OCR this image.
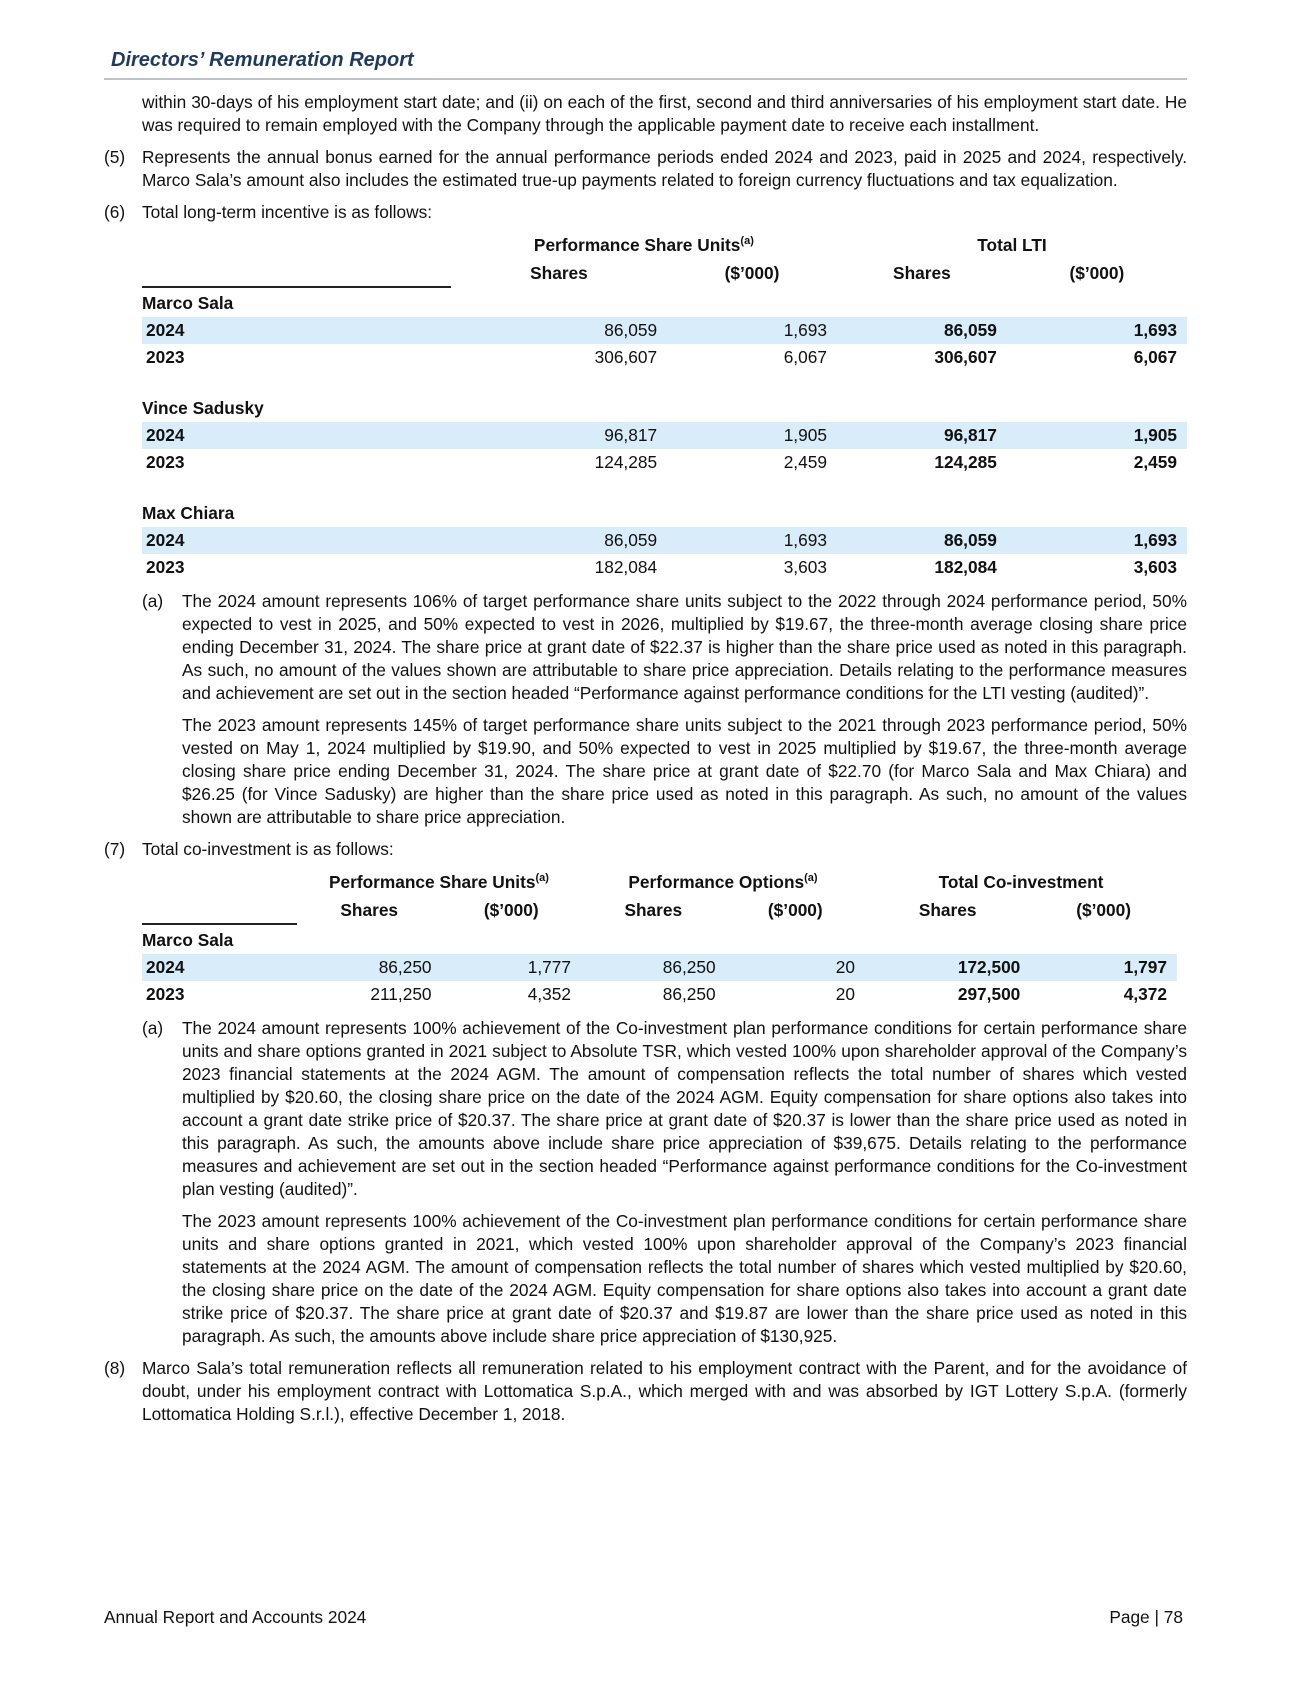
Directors’ Remuneration Report

within 30-days of his employment start date; and (ii) on each of the first, second and third anniversaries of his employment start date. He was required to remain employed with the Company through the applicable payment date to receive each installment.

(5) Represents the annual bonus earned for the annual performance periods ended 2024 and 2023, paid in 2025 and 2024, respectively. Marco Sala’s amount also includes the estimated true-up payments related to foreign currency fluctuations and tax equalization.

(6) Total long-term incentive is as follows:

	Performance Share Units$^{(a)}$		Total LTI	
	Shares	($’000)	Shares	($’000)
Marco Sala				
2024	86,059	1,693	86,059	1,693
2023	306,607	6,067	306,607	6,067

Vince Sadusky				
2024	96,817	1,905	96,817	1,905
2023	124,285	2,459	124,285	2,459

Max Chiara				
2024	86,059	1,693	86,059	1,693
2023	182,084	3,603	182,084	3,603

(a) The 2024 amount represents 106% of target performance share units subject to the 2022 through 2024 performance period, 50% expected to vest in 2025, and 50% expected to vest in 2026, multiplied by $19.67, the three-month average closing share price ending December 31, 2024. The share price at grant date of $22.37 is higher than the share price used as noted in this paragraph. As such, no amount of the values shown are attributable to share price appreciation. Details relating to the performance measures and achievement are set out in the section headed “Performance against performance conditions for the LTI vesting (audited)”.

The 2023 amount represents 145% of target performance share units subject to the 2021 through 2023 performance period, 50% vested on May 1, 2024 multiplied by $19.90, and 50% expected to vest in 2025 multiplied by $19.67, the three-month average closing share price ending December 31, 2024. The share price at grant date of $22.70 (for Marco Sala and Max Chiara) and $26.25 (for Vince Sadusky) are higher than the share price used as noted in this paragraph. As such, no amount of the values shown are attributable to share price appreciation.

(7) Total co-investment is as follows:

	Performance Share Units$^{(a)}$		Performance Options$^{(a)}$		Total Co-investment	
	Shares	($’000)	Shares	($’000)	Shares	($’000)
Marco Sala						
2024	86,250	1,777	86,250	20	172,500	1,797
2023	211,250	4,352	86,250	20	297,500	4,372

(a) The 2024 amount represents 100% achievement of the Co-investment plan performance conditions for certain performance share units and share options granted in 2021 subject to Absolute TSR, which vested 100% upon shareholder approval of the Company’s 2023 financial statements at the 2024 AGM. The amount of compensation reflects the total number of shares which vested multiplied by $20.60, the closing share price on the date of the 2024 AGM. Equity compensation for share options also takes into account a grant date strike price of $20.37. The share price at grant date of $20.37 is lower than the share price used as noted in this paragraph. As such, the amounts above include share price appreciation of $39,675. Details relating to the performance measures and achievement are set out in the section headed “Performance against performance conditions for the Co-investment plan vesting (audited)”.

The 2023 amount represents 100% achievement of the Co-investment plan performance conditions for certain performance share units and share options granted in 2021, which vested 100% upon shareholder approval of the Company’s 2023 financial statements at the 2024 AGM. The amount of compensation reflects the total number of shares which vested multiplied by $20.60, the closing share price on the date of the 2024 AGM. Equity compensation for share options also takes into account a grant date strike price of $20.37. The share price at grant date of $20.37 and $19.87 are lower than the share price used as noted in this paragraph. As such, the amounts above include share price appreciation of $130,925.

(8) Marco Sala’s total remuneration reflects all remuneration related to his employment contract with the Parent, and for the avoidance of doubt, under his employment contract with Lottomatica S.p.A., which merged with and was absorbed by IGT Lottery S.p.A. (formerly Lottomatica Holding S.r.l.), effective December 1, 2018.

Annual Report and Accounts 2024	Page | 78
